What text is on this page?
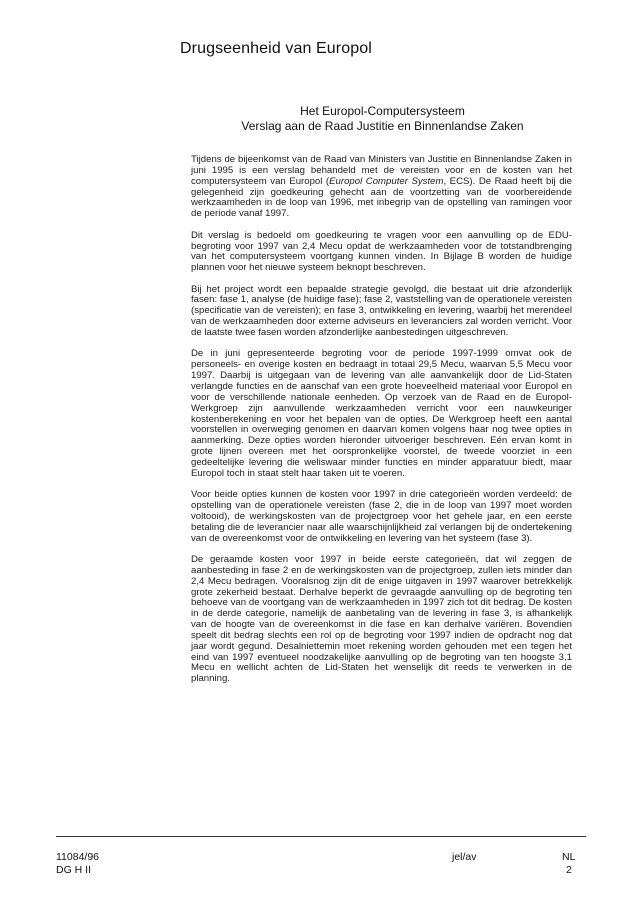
Drugseenheid van Europol
Het Europol-Computersysteem
Verslag aan de Raad Justitie en Binnenlandse Zaken

Tijdens de bijeenkomst van de Raad van Ministers van Justitie en Binnenlandse Zaken in juni 1995 is een verslag behandeld met de vereisten voor en de kosten van het computersysteem van Europol (Europol Computer System, ECS). De Raad heeft bij die gelegenheid zijn goedkeuring gehecht aan de voortzetting van de voorbereidende werkzaamheden in de loop van 1996, met inbegrip van de opstelling van ramingen voor de periode vanaf 1997.

Dit verslag is bedoeld om goedkeuring te vragen voor een aanvulling op de EDU-begroting voor 1997 van 2,4 Mecu opdat de werkzaamheden voor de totstandbrenging van het computersysteem voortgang kunnen vinden. In Bijlage B worden de huidige plannen voor het nieuwe systeem beknopt beschreven.

Bij het project wordt een bepaalde strategie gevolgd, die bestaat uit drie afzonderlijk fasen: fase 1, analyse (de huidige fase); fase 2, vaststelling van de operationele vereisten (specificatie van de vereisten); en fase 3, ontwikkeling en levering, waarbij het merendeel van de werkzaamheden door externe adviseurs en leveranciers zal worden verricht. Voor de laatste twee fasen worden afzonderlijke aanbestedingen uitgeschreven.

De in juni gepresenteerde begroting voor de periode 1997-1999 omvat ook de personeels- en overige kosten en bedraagt in totaal 29,5 Mecu, waarvan 5,5 Mecu voor 1997. Daarbij is uitgegaan van de levering van alle aanvankelijk door de Lid-Staten verlangde functies en de aanschaf van een grote hoeveelheid materiaal voor Europol en voor de verschillende nationale eenheden. Op verzoek van de Raad en de Europol-Werkgroep zijn aanvullende werkzaamheden verricht voor een nauwkeuriger kostenberekening en voor het bepalen van de opties. De Werkgroep heeft een aantal voorstellen in overweging genomen en daarvan komen volgens haar nog twee opties in aanmerking. Deze opties worden hieronder uitvoeriger beschreven. Eén ervan komt in grote lijnen overeen met het oorspronkelijke voorstel, de tweede voorziet in een gedeeltelijke levering die weliswaar minder functies en minder apparatuur biedt, maar Europol toch in staat stelt haar taken uit te voeren.

Voor beide opties kunnen de kosten voor 1997 in drie categorieën worden verdeeld: de opstelling van de operationele vereisten (fase 2, die in de loop van 1997 moet worden voltooid), de werkingskosten van de projectgroep voor het gehele jaar, en een eerste betaling die de leverancier naar alle waarschijnlijkheid zal verlangen bij de ondertekening van de overeenkomst voor de ontwikkeling en levering van het systeem (fase 3).

De geraamde kosten voor 1997 in beide eerste categorieën, dat wil zeggen de aanbesteding in fase 2 en de werkingskosten van de projectgroep, zullen iets minder dan 2,4 Mecu bedragen. Vooralsnog zijn dit de enige uitgaven in 1997 waarover betrekkelijk grote zekerheid bestaat. Derhalve beperkt de gevraagde aanvulling op de begroting ten behoeve van de voortgang van de werkzaamheden in 1997 zich tot dit bedrag. De kosten in de derde categorie, namelijk de aanbetaling van de levering in fase 3, is afhankelijk van de hoogte van de overeenkomst in die fase en kan derhalve variëren. Bovendien speelt dit bedrag slechts een rol op de begroting voor 1997 indien de opdracht nog dat jaar wordt gegund. Desalniettemin moet rekening worden gehouden met een tegen het eind van 1997 eventueel noodzakelijke aanvulling op de begroting van ten hoogste 3,1 Mecu en wellicht achten de Lid-Staten het wenselijk dit reeds te verwerken in de planning.

11084/96
DG H II
jel/av	NL
2
